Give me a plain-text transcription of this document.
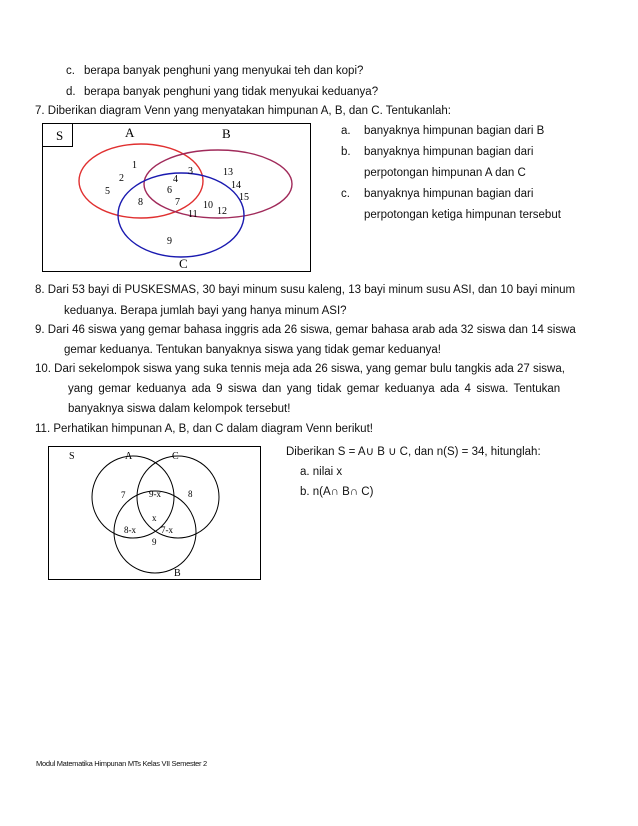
c. berapa banyak penghuni yang menyukai teh dan kopi?
d. berapa banyak penghuni yang tidak menyukai keduanya?
7. Diberikan diagram Venn yang menyatakan himpunan A, B, dan C. Tentukanlah:
S	A	B
1
2
5
3
4
6
8	7
13
14
15
10
12
11
9
C
a. banyaknya himpunan bagian dari B
b. banyaknya himpunan bagian dari
perpotongan himpunan A dan C
c. banyaknya himpunan bagian dari
perpotongan ketiga himpunan tersebut
8. Dari 53 bayi di PUSKESMAS, 30 bayi minum susu kaleng, 13 bayi minum susu ASI, dan 10 bayi minum
keduanya. Berapa jumlah bayi yang hanya minum ASI?
9. Dari 46 siswa yang gemar bahasa inggris ada 26 siswa, gemar bahasa arab ada 32 siswa dan 14 siswa
gemar keduanya. Tentukan banyaknya siswa yang tidak gemar keduanya!
10. Dari sekelompok siswa yang suka tennis meja ada 26 siswa, yang gemar bulu tangkis ada 27 siswa,
yang gemar keduanya ada 9 siswa dan yang tidak gemar keduanya ada 4 siswa. Tentukan
banyaknya siswa dalam kelompok tersebut!
11. Perhatikan himpunan A, B, dan C dalam diagram Venn berikut!
S	A	C
7	9-x	8
x
8-x	7-x
9
B
Diberikan S = A∪ B ∪ C, dan n(S) = 34, hitunglah:
a. nilai x
b. n(A∩ B∩ C)
Modul Matematika Himpunan MTs Kelas VII Semester 2
